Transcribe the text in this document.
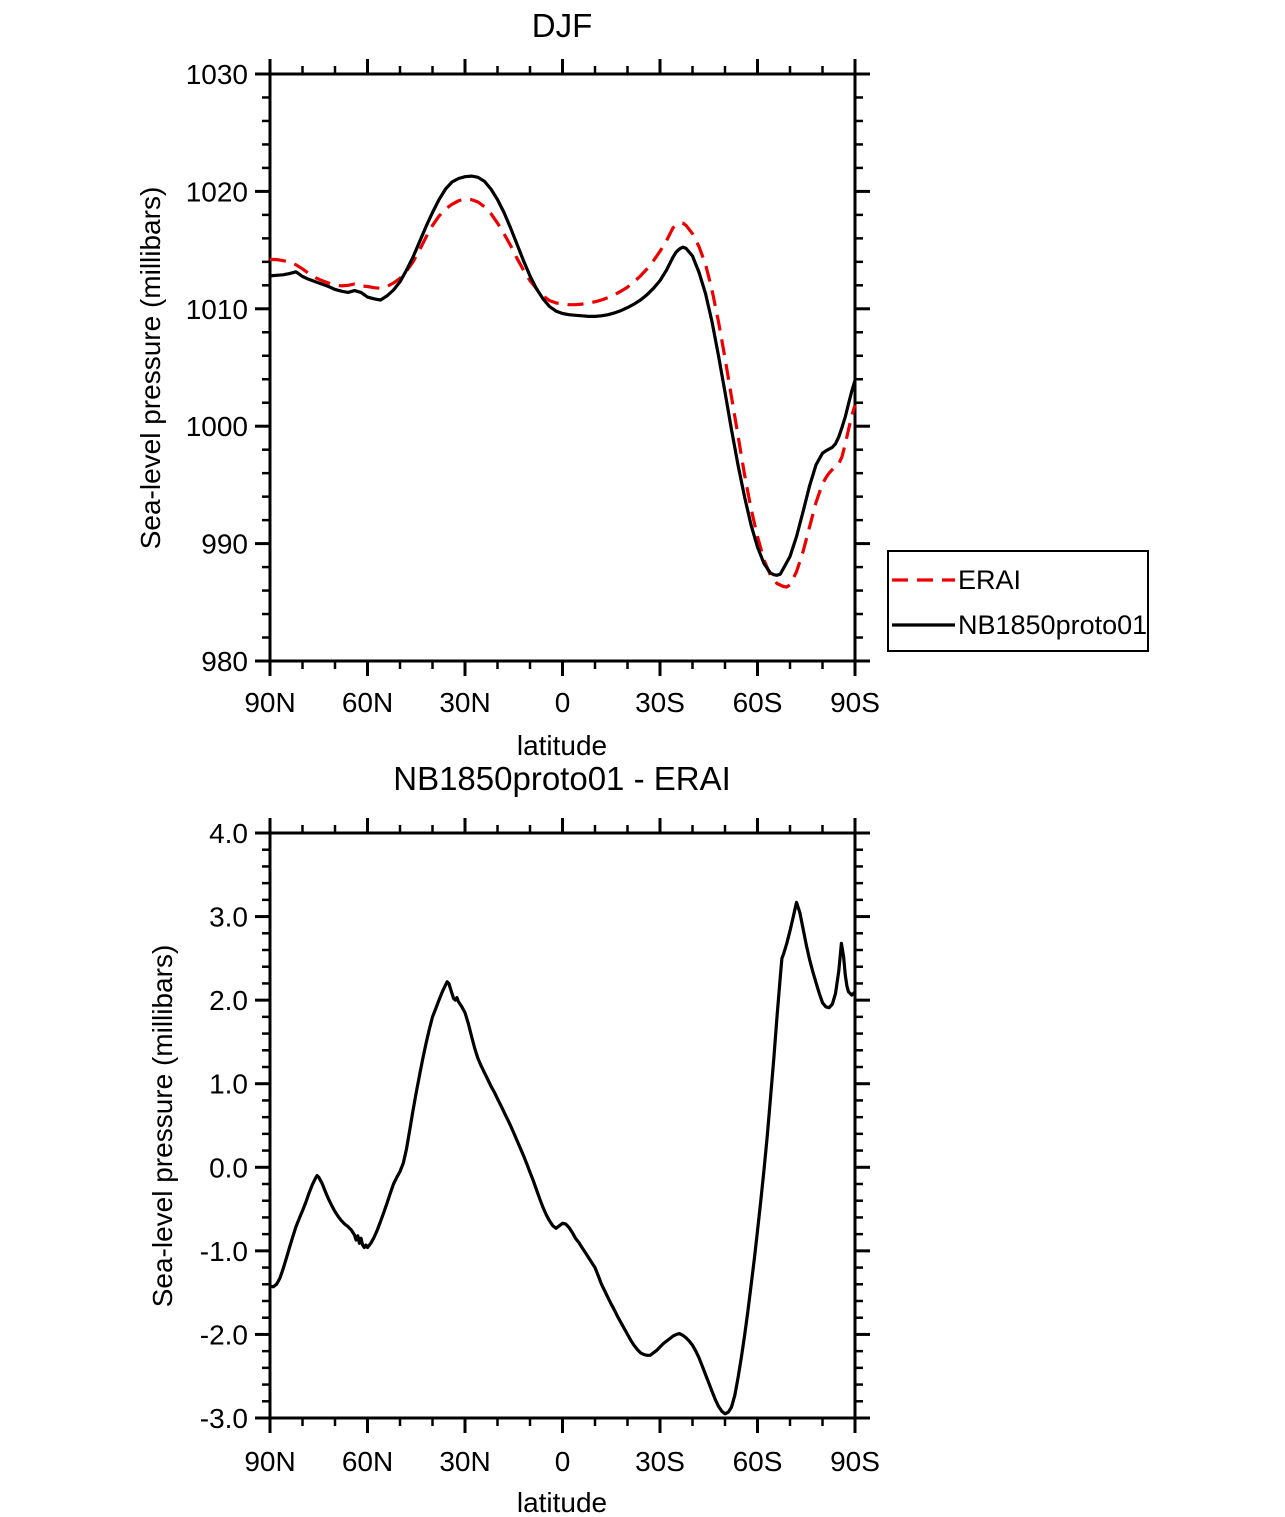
DJF
Sea-level pressure (millibars)
latitude
90N 60N 30N 0 30S 60S 90S
1030
1020
1010
1000
990
980
ERAI
NB1850proto01
NB1850proto01 - ERAI
Sea-level pressure (millibars)
latitude
90N 60N 30N 0 30S 60S 90S
4.0
3.0
2.0
1.0
0.0
-1.0
-2.0
-3.0
